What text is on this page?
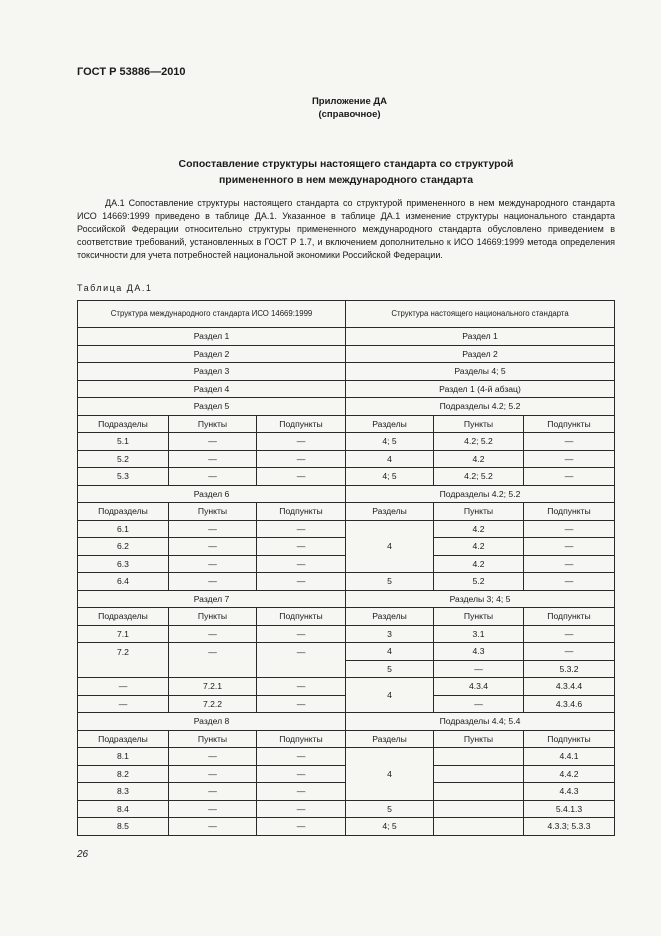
ГОСТ Р 53886—2010
Приложение ДА
(справочное)
Сопоставление структуры настоящего стандарта со структурой
примененного в нем международного стандарта
ДА.1 Сопоставление структуры настоящего стандарта со структурой примененного в нем международного стандарта ИСО 14669:1999 приведено в таблице ДА.1. Указанное в таблице ДА.1 изменение структуры национального стандарта Российской Федерации относительно структуры примененного международного стандарта обусловлено приведением в соответствие требований, установленных в ГОСТ Р 1.7, и включением дополнительно к ИСО 14669:1999 метода определения токсичности для учета потребностей национальной экономики Российской Федерации.
Таблица ДА.1
Структура международного стандарта ИСО 14669:1999			Структура настоящего национального стандарта		
Раздел 1			Раздел 1		
Раздел 2			Раздел 2		
Раздел 3			Разделы 4; 5		
Раздел 4			Раздел 1 (4-й абзац)		
Раздел 5			Подразделы 4.2; 5.2		
Подразделы	Пункты	Подпункты	Разделы	Пункты	Подпункты
5.1	—	—	4; 5	4.2; 5.2	—
5.2	—	—	4	4.2	—
5.3	—	—	4; 5	4.2; 5.2	—
Раздел 6			Подразделы 4.2; 5.2		
Подразделы	Пункты	Подпункты	Разделы	Пункты	Подпункты
6.1	—	—	4	4.2	—
6.2	—	—		4.2	—
6.3	—	—		4.2	—
6.4	—	—	5	5.2	—
Раздел 7			Разделы 3; 4; 5		
Подразделы	Пункты	Подпункты	Разделы	Пункты	Подпункты
7.1	—	—	3	3.1	—
7.2	—	—	4	4.3	—
			5	—	5.3.2
—	7.2.1	—	4	4.3.4	4.3.4.4
—	7.2.2	—		—	4.3.4.6
Раздел 8			Подразделы 4.4; 5.4		
Подразделы	Пункты	Подпункты	Разделы	Пункты	Подпункты
8.1	—	—	4		4.4.1
8.2	—	—			4.4.2
8.3	—	—			4.4.3
8.4	—	—	5		5.4.1.3
8.5	—	—	4; 5		4.3.3; 5.3.3
26
